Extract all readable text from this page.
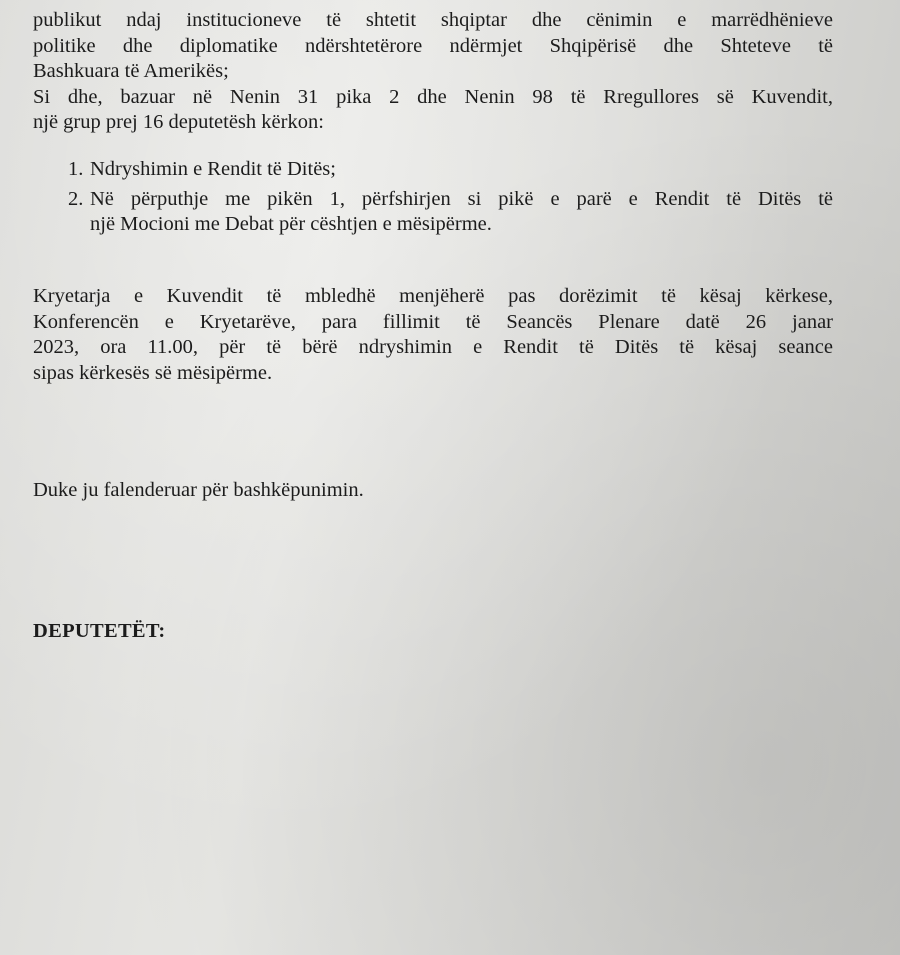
publikut ndaj institucioneve të shtetit shqiptar dhe cënimin e marrëdhënieve
politike dhe diplomatike ndërshtetërore ndërmjet Shqipërisë dhe Shteteve të
Bashkuara të Amerikës;
Si dhe, bazuar në Nenin 31 pika 2 dhe Nenin 98 të Rregullores së Kuvendit,
një grup prej 16 deputetësh kërkon:
1. Ndryshimin e Rendit të Ditës;
2. Në përputhje me pikën 1, përfshirjen si pikë e parë e Rendit të Ditës të
një Mocioni me Debat për cështjen e mësipërme.
Kryetarja e Kuvendit të mbledhë menjëherë pas dorëzimit të kësaj kërkese,
Konferencën e Kryetarëve, para fillimit të Seancës Plenare datë 26 janar
2023, ora 11.00, për të bërë ndryshimin e Rendit të Ditës të kësaj seance
sipas kërkesës së mësipërme.

Duke ju falenderuar për bashkëpunimin.

DEPUTETËT:
